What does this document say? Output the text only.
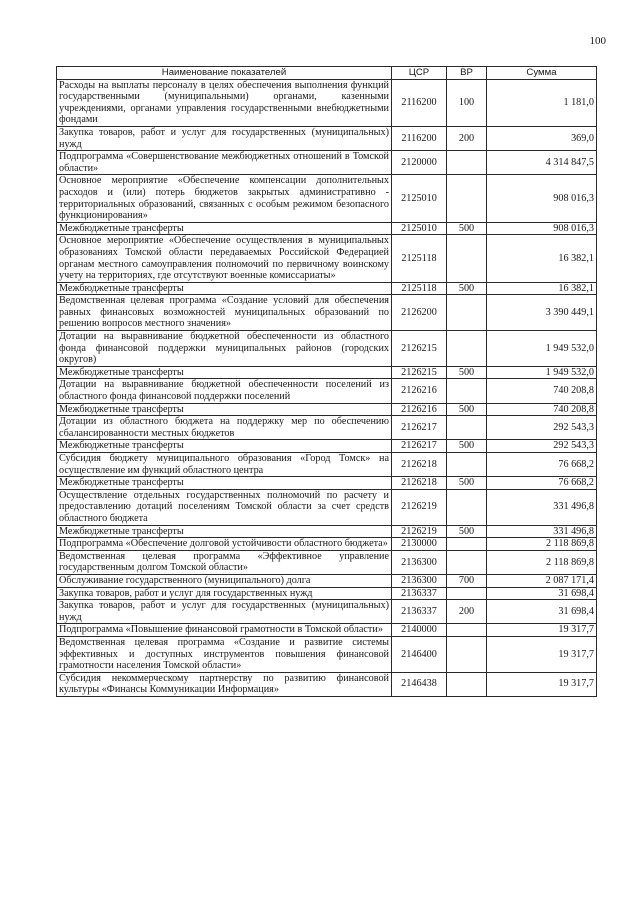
100
Наименование показателей	ЦСР	ВР	Сумма
Расходы на выплаты персоналу в целях обеспечения выполнения функций государственными (муниципальными) органами, казенными учреждениями, органами управления государственными внебюджетными фондами	2116200	100	1 181,0
Закупка товаров, работ и услуг для государственных (муниципальных) нужд	2116200	200	369,0
Подпрограмма «Совершенствование межбюджетных отношений в Томской области»	2120000		4 314 847,5
Основное мероприятие «Обеспечение компенсации дополнительных расходов и (или) потерь бюджетов закрытых административно - территориальных образований, связанных с особым режимом безопасного функционирования»	2125010		908 016,3
Межбюджетные трансферты	2125010	500	908 016,3
Основное мероприятие «Обеспечение осуществления в муниципальных образованиях Томской области передаваемых Российской Федерацией органам местного самоуправления полномочий по первичному воинскому учету на территориях, где отсутствуют военные комиссариаты»	2125118		16 382,1
Межбюджетные трансферты	2125118	500	16 382,1
Ведомственная целевая программа «Создание условий для обеспечения равных финансовых возможностей муниципальных образований по решению вопросов местного значения»	2126200		3 390 449,1
Дотации на выравнивание бюджетной обеспеченности из областного фонда финансовой поддержки муниципальных районов (городских округов)	2126215		1 949 532,0
Межбюджетные трансферты	2126215	500	1 949 532,0
Дотации на выравнивание бюджетной обеспеченности поселений из областного фонда финансовой поддержки поселений	2126216		740 208,8
Межбюджетные трансферты	2126216	500	740 208,8
Дотации из областного бюджета на поддержку мер по обеспечению сбалансированности местных бюджетов	2126217		292 543,3
Межбюджетные трансферты	2126217	500	292 543,3
Субсидия бюджету муниципального образования «Город Томск» на осуществление им функций областного центра	2126218		76 668,2
Межбюджетные трансферты	2126218	500	76 668,2
Осуществление отдельных государственных полномочий по расчету и предоставлению дотаций поселениям Томской области за счет средств областного бюджета	2126219		331 496,8
Межбюджетные трансферты	2126219	500	331 496,8
Подпрограмма «Обеспечение долговой устойчивости областного бюджета»	2130000		2 118 869,8
Ведомственная целевая программа «Эффективное управление государственным долгом Томской области»	2136300		2 118 869,8
Обслуживание государственного (муниципального) долга	2136300	700	2 087 171,4
Закупка товаров, работ и услуг для государственных нужд	2136337		31 698,4
Закупка товаров, работ и услуг для государственных (муниципальных) нужд	2136337	200	31 698,4
Подпрограмма «Повышение финансовой грамотности в Томской области»	2140000		19 317,7
Ведомственная целевая программа «Создание и развитие системы эффективных и доступных инструментов повышения финансовой грамотности населения Томской области»	2146400		19 317,7
Субсидия некоммерческому партнерству по развитию финансовой культуры «Финансы Коммуникации Информация»	2146438		19 317,7
